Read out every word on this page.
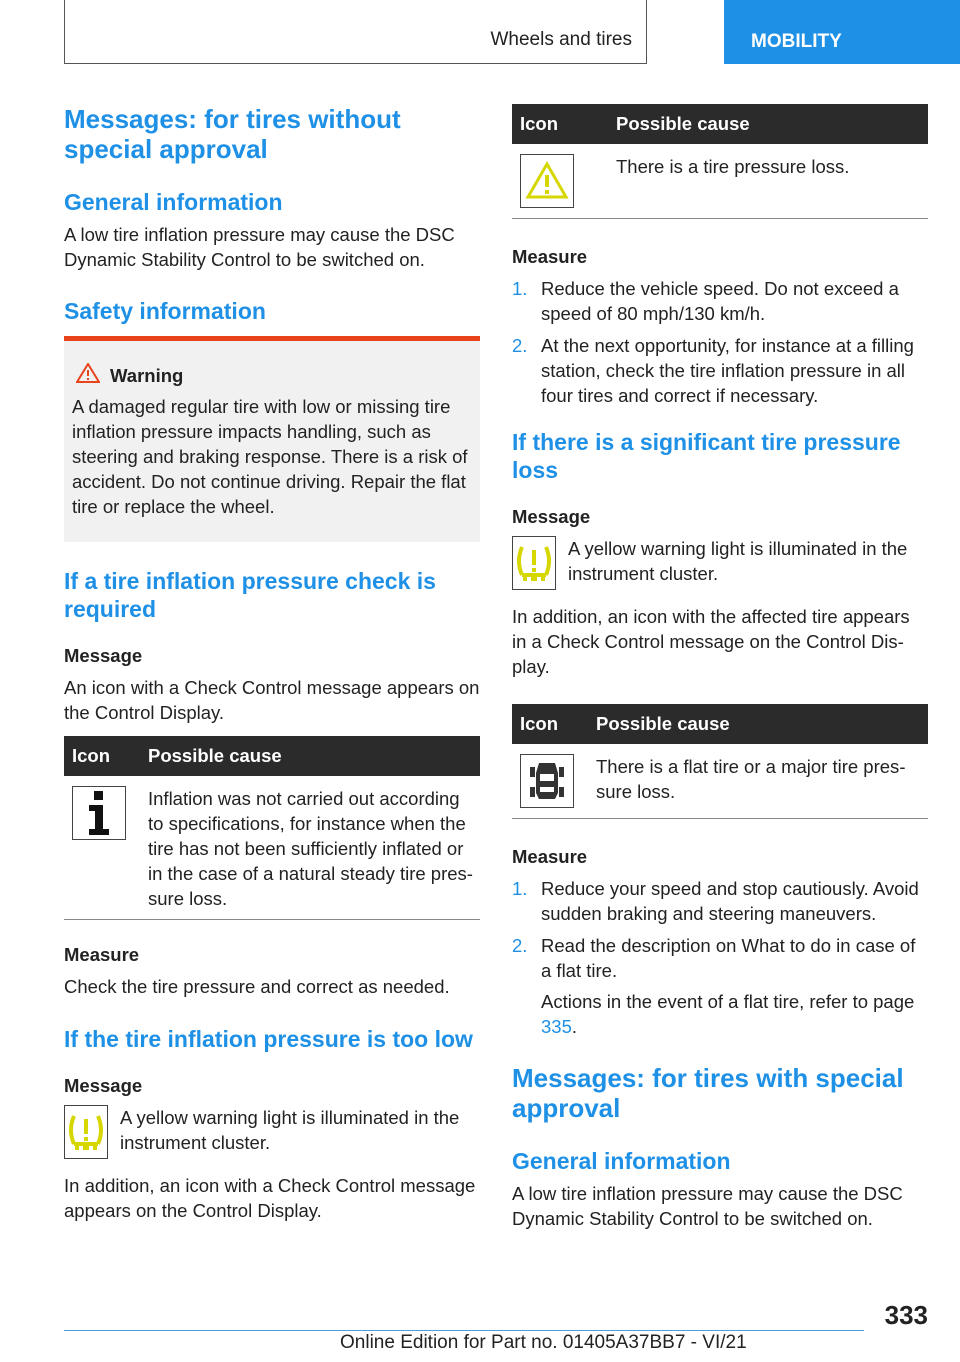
Wheels and tires	MOBILITY
Messages: for tires without special approval
General information

A low tire inflation pressure may cause the DSC Dynamic Stability Control to be switched on.

Safety information
Warning

A damaged regular tire with low or missing tire inflation pressure impacts handling, such as steering and braking response. There is a risk of accident. Do not continue driving. Repair the flat tire or replace the wheel.

If a tire inflation pressure check is required
Message

An icon with a Check Control message appears on the Control Display.

Icon	Possible cause

	Inflation was not carried out according to specifications, for instance when the tire has not been sufficiently inflated or in the case of a natural steady tire pressure loss.
Measure

Check the tire pressure and correct as needed.

If the tire inflation pressure is too low
Message

A yellow warning light is illuminated in the instrument cluster.

In addition, an icon with a Check Control message appears on the Control Display.

Icon	Possible cause

	There is a tire pressure loss.
Measure
1. Reduce the vehicle speed. Do not exceed a speed of 80 mph/130 km/h.
2. At the next opportunity, for instance at a filling station, check the tire inflation pressure in all four tires and correct if necessary.
If there is a significant tire pressure loss
Message

A yellow warning light is illuminated in the instrument cluster.

In addition, an icon with the affected tire appears in a Check Control message on the Control Display.

Icon	Possible cause

	There is a flat tire or a major tire pressure loss.
Measure
1. Reduce your speed and stop cautiously. Avoid sudden braking and steering maneuvers.
2. Read the description on What to do in case of a flat tire.

Actions in the event of a flat tire, refer to page 335.

Messages: for tires with special approval
General information

A low tire inflation pressure may cause the DSC Dynamic Stability Control to be switched on.

333
Online Edition for Part no. 01405A37BB7 - VI/21
